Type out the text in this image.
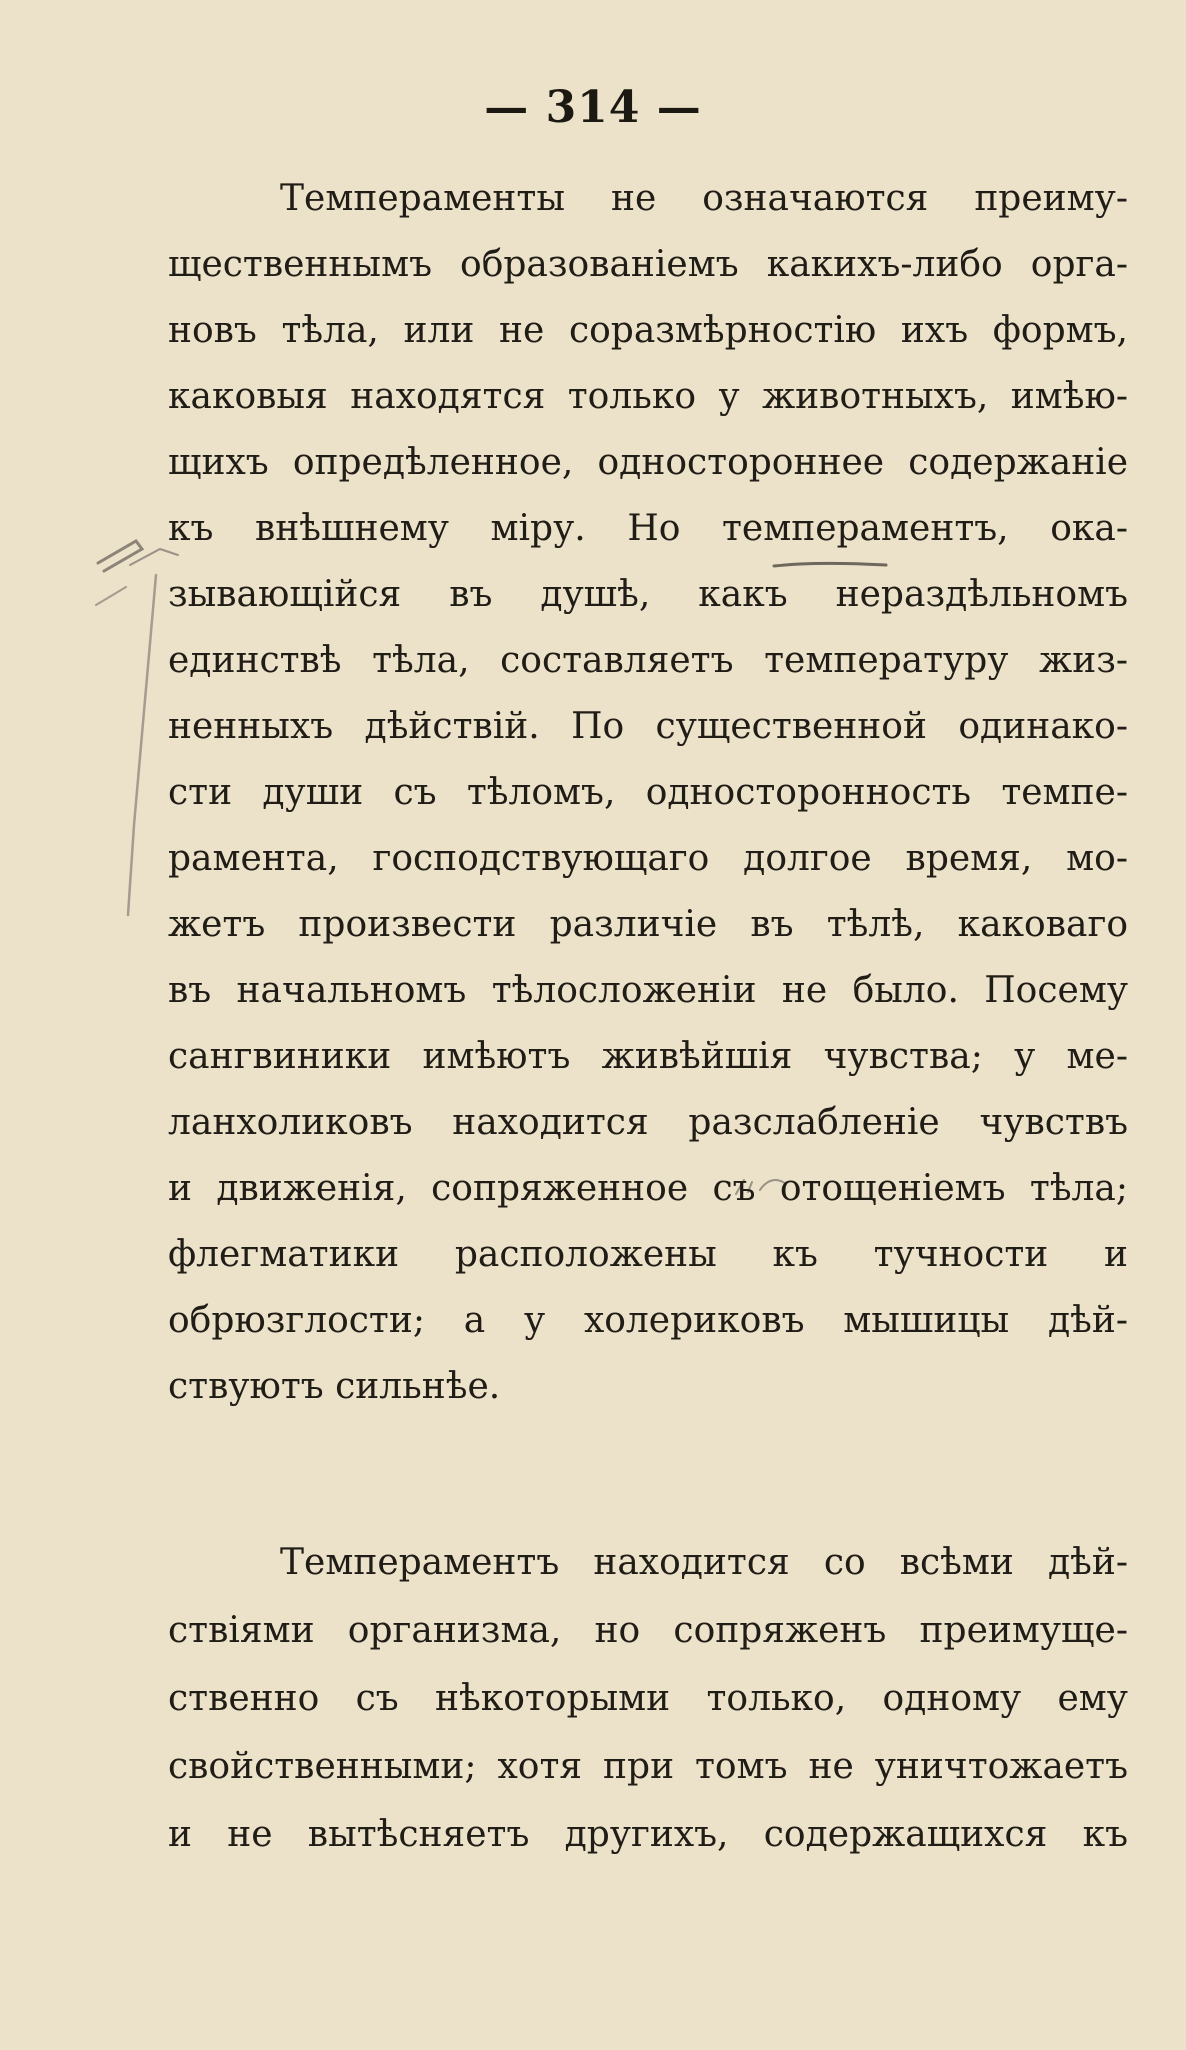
— 314 —
Темпераменты не означаются преиму-
щественнымъ образованіемъ какихъ-либо орга-
новъ тѣла, или не соразмѣрностію ихъ формъ,
каковыя находятся только у животныхъ, имѣю-
щихъ опредѣленное, одностороннее содержаніе
къ внѣшнему міру. Но темпераментъ, ока-
зывающійся въ душѣ, какъ нераздѣльномъ
единствѣ тѣла, составляетъ температуру жиз-
ненныхъ дѣйствій. По существенной одинако-
сти души съ тѣломъ, односторонность темпе-
рамента, господствующаго долгое время, мо-
жетъ произвести различіе въ тѣлѣ, каковаго
въ начальномъ тѣлосложеніи не было. Посему
сангвиники имѣютъ живѣйшія чувства; у ме-
ланхоликовъ находится разслабленіе чувствъ
и движенія, сопряженное съ отощеніемъ тѣла;
флегматики расположены къ тучности и
обрюзглости; а у холериковъ мышицы дѣй-
ствуютъ сильнѣе.
Темпераментъ находится со всѣми дѣй-
ствіями организма, но сопряженъ преимуще-
ственно съ нѣкоторыми только, одному ему
свойственными; хотя при томъ не уничтожаетъ
и не вытѣсняетъ другихъ, содержащихся къ
